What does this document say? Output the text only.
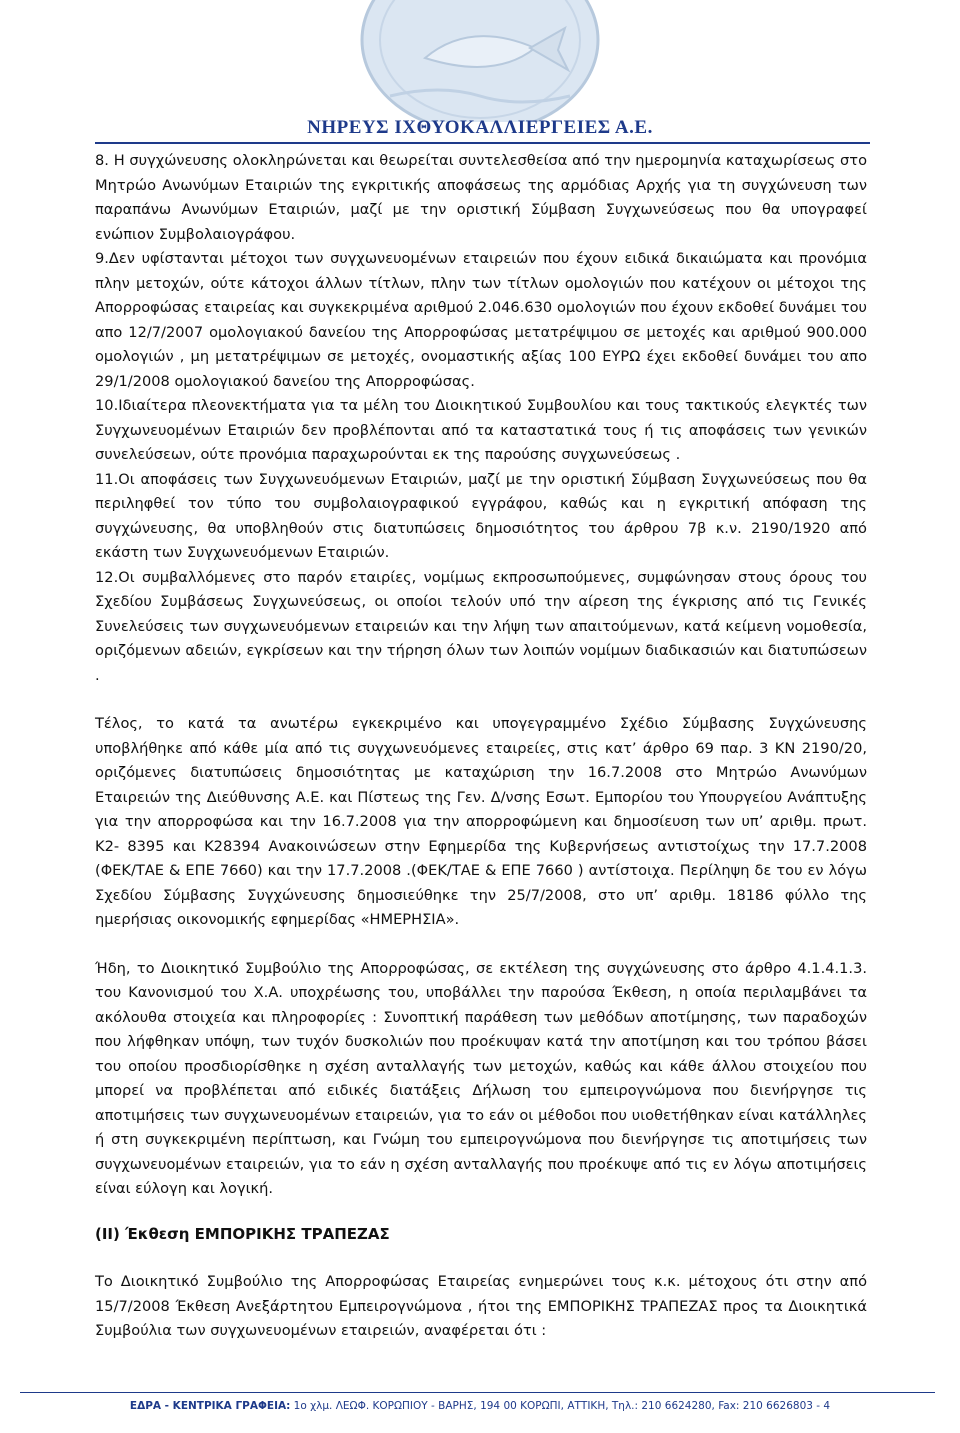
ΝΗΡΕΥΣ ΙΧΘΥΟΚΑΛΛΙΕΡΓΕΙΕΣ Α.Ε.

8. Η συγχώνευσης ολοκληρώνεται και θεωρείται συντελεσθείσα από την ημερομηνία καταχωρίσεως στο Μητρώο Ανωνύμων Εταιριών της εγκριτικής αποφάσεως της αρμόδιας Αρχής για τη συγχώνευση των παραπάνω Ανωνύμων Εταιριών, μαζί με την οριστική Σύμβαση Συγχωνεύσεως που θα υπογραφεί ενώπιον Συμβολαιογράφου.

9.Δεν υφίστανται μέτοχοι των συγχωνευομένων εταιρειών που έχουν ειδικά δικαιώματα και προνόμια πλην μετοχών, ούτε κάτοχοι άλλων τίτλων, πλην των τίτλων ομολογιών που κατέχουν οι μέτοχοι της Απορροφώσας εταιρείας και συγκεκριμένα αριθμού 2.046.630 ομολογιών που έχουν εκδοθεί δυνάμει του απο 12/7/2007 ομολογιακού δανείου της Απορροφώσας μετατρέψιμου σε μετοχές και αριθμού 900.000 ομολογιών , μη μετατρέψιμων σε μετοχές, ονομαστικής αξίας 100 ΕΥΡΩ έχει εκδοθεί δυνάμει του απο 29/1/2008 ομολογιακού δανείου της Απορροφώσας.

10.Ιδιαίτερα πλεονεκτήματα για τα μέλη του Διοικητικού Συμβουλίου και τους τακτικούς ελεγκτές των Συγχωνευομένων Εταιριών δεν προβλέπονται από τα καταστατικά τους ή τις αποφάσεις των γενικών συνελεύσεων, ούτε προνόμια παραχωρούνται εκ της παρούσης συγχωνεύσεως .

11.Οι αποφάσεις των Συγχωνευόμενων Εταιριών, μαζί με την οριστική Σύμβαση Συγχωνεύσεως που θα περιληφθεί τον τύπο του συμβολαιογραφικού εγγράφου, καθώς και η εγκριτική απόφαση της συγχώνευσης, θα υποβληθούν στις διατυπώσεις δημοσιότητος του άρθρου 7β κ.ν. 2190/1920 από εκάστη των Συγχωνευόμενων Εταιριών.

12.Οι συμβαλλόμενες στο παρόν εταιρίες, νομίμως εκπροσωπούμενες, συμφώνησαν στους όρους του Σχεδίου Συμβάσεως Συγχωνεύσεως, οι οποίοι τελούν υπό την αίρεση της έγκρισης από τις Γενικές Συνελεύσεις των συγχωνευόμενων εταιρειών και την λήψη των απαιτούμενων, κατά κείμενη νομοθεσία, οριζόμενων αδειών, εγκρίσεων και την τήρηση όλων των λοιπών νομίμων διαδικασιών και διατυπώσεων .

Τέλος, το κατά τα ανωτέρω εγκεκριμένο και υπογεγραμμένο Σχέδιο Σύμβασης Συγχώνευσης υποβλήθηκε από κάθε μία από τις συγχωνευόμενες εταιρείες, στις κατ’ άρθρο 69 παρ. 3 ΚΝ 2190/20, οριζόμενες διατυπώσεις δημοσιότητας με καταχώριση την 16.7.2008 στο Μητρώο Ανωνύμων Εταιρειών της Διεύθυνσης Α.Ε. και Πίστεως της Γεν. Δ/νσης Εσωτ. Εμπορίου του Υπουργείου Ανάπτυξης για την απορροφώσα και την 16.7.2008 για την απορροφώμενη και δημοσίευση των υπ’ αριθμ. πρωτ. Κ2- 8395 και Κ28394 Ανακοινώσεων στην Εφημερίδα της Κυβερνήσεως αντιστοίχως την 17.7.2008 (ΦΕΚ/ΤΑΕ & ΕΠΕ 7660) και την 17.7.2008 .(ΦΕΚ/ΤΑΕ & ΕΠΕ 7660 ) αντίστοιχα. Περίληψη δε του εν λόγω Σχεδίου Σύμβασης Συγχώνευσης δημοσιεύθηκε την 25/7/2008, στο υπ’ αριθμ. 18186 φύλλο της ημερήσιας οικονομικής εφημερίδας «ΗΜΕΡΗΣΙΑ».

Ήδη, το Διοικητικό Συμβούλιο της Απορροφώσας, σε εκτέλεση της συγχώνευσης στο άρθρο 4.1.4.1.3. του Κανονισμού του Χ.Α. υποχρέωσης του, υποβάλλει την παρούσα Έκθεση, η οποία περιλαμβάνει τα ακόλουθα στοιχεία και πληροφορίες : Συνοπτική παράθεση των μεθόδων αποτίμησης, των παραδοχών που λήφθηκαν υπόψη, των τυχόν δυσκολιών που προέκυψαν κατά την αποτίμηση και του τρόπου βάσει του οποίου προσδιορίσθηκε η σχέση ανταλλαγής των μετοχών, καθώς και κάθε άλλου στοιχείου που μπορεί να προβλέπεται από ειδικές διατάξεις Δήλωση του εμπειρογνώμονα που διενήργησε τις αποτιμήσεις των συγχωνευομένων εταιρειών, για το εάν οι μέθοδοι που υιοθετήθηκαν είναι κατάλληλες ή στη συγκεκριμένη περίπτωση, και Γνώμη του εμπειρογνώμονα που διενήργησε τις αποτιμήσεις των συγχωνευομένων εταιρειών, για το εάν η σχέση ανταλλαγής που προέκυψε από τις εν λόγω αποτιμήσεις είναι εύλογη και λογική.

(ΙΙ) Έκθεση ΕΜΠΟΡΙΚΗΣ ΤΡΑΠΕΖΑΣ

Το Διοικητικό Συμβούλιο της Απορροφώσας Εταιρείας ενημερώνει τους κ.κ. μέτοχους ότι στην από 15/7/2008 Έκθεση Ανεξάρτητου Εμπειρογνώμονα , ήτοι της ΕΜΠΟΡΙΚΗΣ ΤΡΑΠΕΖΑΣ προς τα Διοικητικά Συμβούλια των συγχωνευομένων εταιρειών, αναφέρεται ότι :

ΕΔΡΑ - ΚΕΝΤΡΙΚΑ ΓΡΑΦΕΙΑ: 1ο χλμ. ΛΕΩΦ. ΚΟΡΩΠΙΟΥ - ΒΑΡΗΣ, 194 00 ΚΟΡΩΠΙ, ΑΤΤΙΚΗ, Τηλ.: 210 6624280, Fax: 210 6626803 - 4
